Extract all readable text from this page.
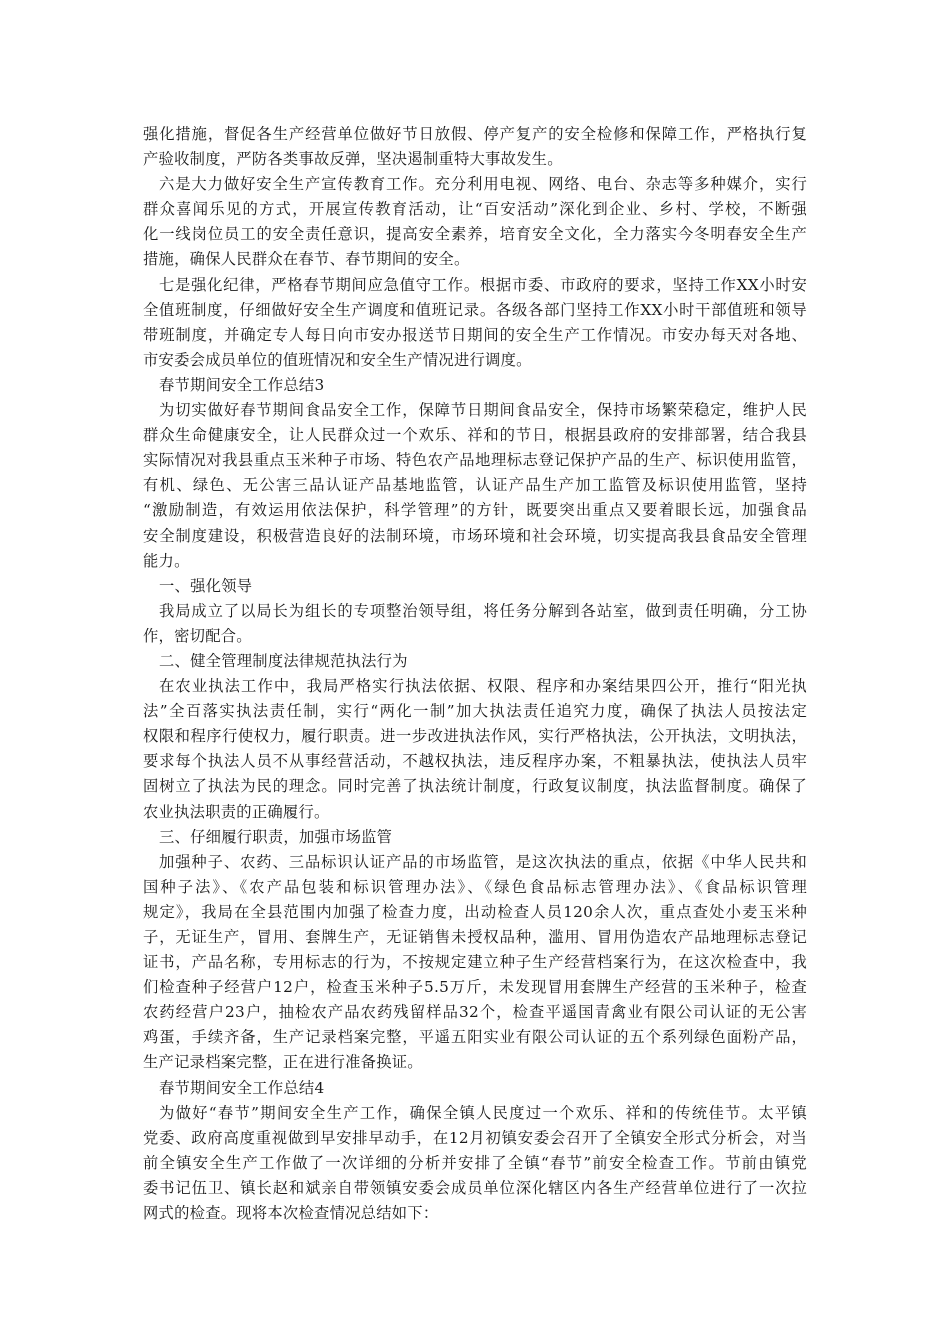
强化措施，督促各生产经营单位做好节日放假、停产复产的安全检修和保障工作，严格执行复
产验收制度，严防各类事故反弹，坚决遏制重特大事故发生。
六是大力做好安全生产宣传教育工作。充分利用电视、网络、电台、杂志等多种媒介，实行
群众喜闻乐见的方式，开展宣传教育活动，让“百安活动”深化到企业、乡村、学校，不断强
化一线岗位员工的安全责任意识，提高安全素养，培育安全文化，全力落实今冬明春安全生产
措施，确保人民群众在春节、春节期间的安全。
七是强化纪律，严格春节期间应急值守工作。根据市委、市政府的要求，坚持工作XX小时安
全值班制度，仔细做好安全生产调度和值班记录。各级各部门坚持工作XX小时干部值班和领导
带班制度，并确定专人每日向市安办报送节日期间的安全生产工作情况。市安办每天对各地、
市安委会成员单位的值班情况和安全生产情况进行调度。
春节期间安全工作总结3
为切实做好春节期间食品安全工作，保障节日期间食品安全，保持市场繁荣稳定，维护人民
群众生命健康安全，让人民群众过一个欢乐、祥和的节日，根据县政府的安排部署，结合我县
实际情况对我县重点玉米种子市场、特色农产品地理标志登记保护产品的生产、标识使用监管，
有机、绿色、无公害三品认证产品基地监管，认证产品生产加工监管及标识使用监管，坚持
“激励制造，有效运用依法保护，科学管理”的方针，既要突出重点又要着眼长远，加强食品
安全制度建设，积极营造良好的法制环境，市场环境和社会环境，切实提高我县食品安全管理
能力。
一、强化领导
我局成立了以局长为组长的专项整治领导组，将任务分解到各站室，做到责任明确，分工协
作，密切配合。
二、健全管理制度法律规范执法行为
在农业执法工作中，我局严格实行执法依据、权限、程序和办案结果四公开，推行“阳光执
法”全百落实执法责任制，实行“两化一制”加大执法责任追究力度，确保了执法人员按法定
权限和程序行使权力，履行职责。进一步改进执法作风，实行严格执法，公开执法，文明执法，
要求每个执法人员不从事经营活动，不越权执法，违反程序办案，不粗暴执法，使执法人员牢
固树立了执法为民的理念。同时完善了执法统计制度，行政复议制度，执法监督制度。确保了
农业执法职责的正确履行。
三、仔细履行职责，加强市场监管
加强种子、农药、三品标识认证产品的市场监管，是这次执法的重点，依据《中华人民共和
国种子法》、《农产品包装和标识管理办法》、《绿色食品标志管理办法》、《食品标识管理
规定》，我局在全县范围内加强了检查力度，出动检查人员120余人次，重点查处小麦玉米种
子，无证生产，冒用、套牌生产，无证销售未授权品种，滥用、冒用伪造农产品地理标志登记
证书，产品名称，专用标志的行为，不按规定建立种子生产经营档案行为，在这次检查中，我
们检查种子经营户12户，检查玉米种子5.5万斤，未发现冒用套牌生产经营的玉米种子，检查
农药经营户23户，抽检农产品农药残留样品32个，检查平遥国青禽业有限公司认证的无公害
鸡蛋，手续齐备，生产记录档案完整，平遥五阳实业有限公司认证的五个系列绿色面粉产品，
生产记录档案完整，正在进行准备换证。
春节期间安全工作总结4
为做好“春节”期间安全生产工作，确保全镇人民度过一个欢乐、祥和的传统佳节。太平镇
党委、政府高度重视做到早安排早动手，在12月初镇安委会召开了全镇安全形式分析会，对当
前全镇安全生产工作做了一次详细的分析并安排了全镇“春节”前安全检查工作。节前由镇党
委书记伍卫、镇长赵和斌亲自带领镇安委会成员单位深化辖区内各生产经营单位进行了一次拉
网式的检查。现将本次检查情况总结如下：
